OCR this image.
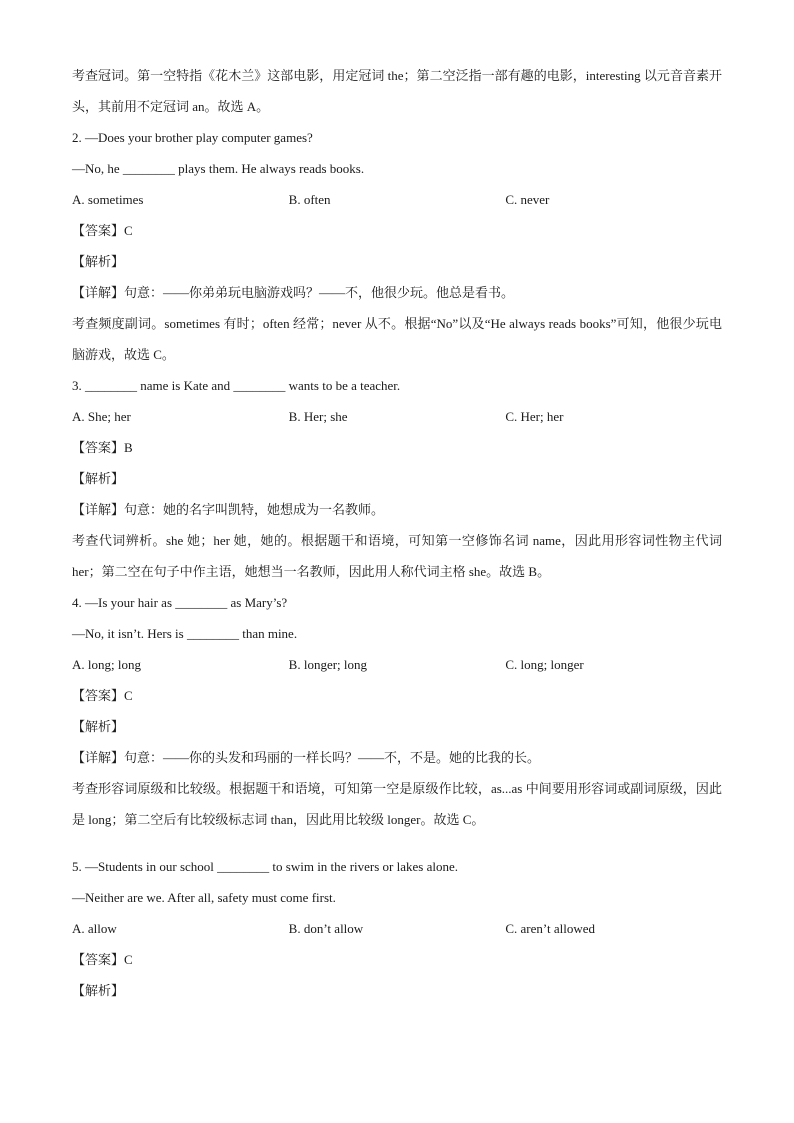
考查冠词。第一空特指《花木兰》这部电影，用定冠词 the；第二空泛指一部有趣的电影，interesting 以元音音素开头，其前用不定冠词 an。故选 A。
2. —Does your brother play computer games?
—No, he ________ plays them. He always reads books.
A. sometimes	B. often	C. never
【答案】C
【解析】
【详解】句意：——你弟弟玩电脑游戏吗？——不，他很少玩。他总是看书。
考查频度副词。sometimes 有时；often 经常；never 从不。根据“No”以及“He always reads books”可知，他很少玩电脑游戏，故选 C。
3. ________ name is Kate and ________ wants to be a teacher.
A. She; her	B. Her; she	C. Her; her
【答案】B
【解析】
【详解】句意：她的名字叫凯特，她想成为一名教师。
考查代词辨析。she 她；her 她，她的。根据题干和语境，可知第一空修饰名词 name，因此用形容词性物主代词 her；第二空在句子中作主语，她想当一名教师，因此用人称代词主格 she。故选 B。
4. —Is your hair as ________ as Mary’s?
—No, it isn’t. Hers is ________ than mine.
A. long; long	B. longer; long	C. long; longer
【答案】C
【解析】
【详解】句意：——你的头发和玛丽的一样长吗？——不，不是。她的比我的长。
考查形容词原级和比较级。根据题干和语境，可知第一空是原级作比较，as...as 中间要用形容词或副词原级，因此是 long；第二空后有比较级标志词 than，因此用比较级 longer。故选 C。
5. —Students in our school ________ to swim in the rivers or lakes alone.
—Neither are we. After all, safety must come first.
A. allow	B. don’t allow	C. aren’t allowed
【答案】C
【解析】
